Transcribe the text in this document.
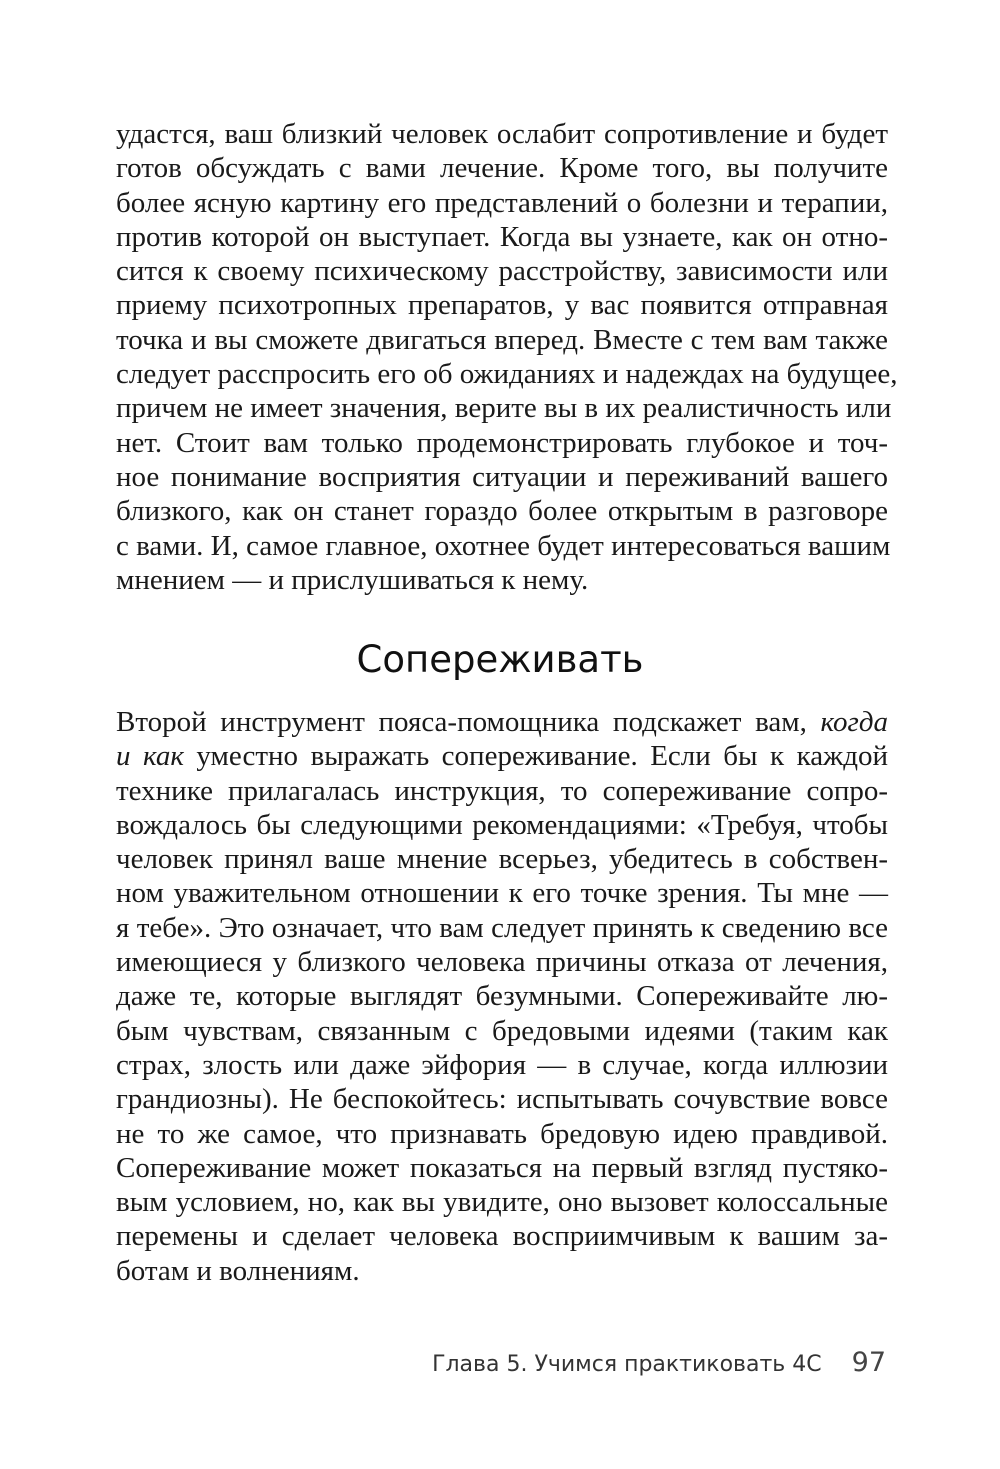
удастся, ваш близкий человек ослабит сопротивление и будет
готов обсуждать с вами лечение. Кроме того, вы получите
более ясную картину его представлений о болезни и терапии,
против которой он выступает. Когда вы узнаете, как он отно-
сится к своему психическому расстройству, зависимости или
приему психотропных препаратов, у вас появится отправная
точка и вы сможете двигаться вперед. Вместе с тем вам также
следует расспросить его об ожиданиях и надеждах на будущее,
причем не имеет значения, верите вы в их реалистичность или
нет. Стоит вам только продемонстрировать глубокое и точ-
ное понимание восприятия ситуации и переживаний вашего
близкого, как он станет гораздо более открытым в разговоре
с вами. И, самое главное, охотнее будет интересоваться вашим
мнением — и прислушиваться к нему.
Сопереживать
Второй инструмент пояса-помощника подскажет вам, когда
и как уместно выражать сопереживание. Если бы к каждой
технике прилагалась инструкция, то сопереживание сопро-
вождалось бы следующими рекомендациями: «Требуя, чтобы
человек принял ваше мнение всерьез, убедитесь в собствен-
ном уважительном отношении к его точке зрения. Ты мне —
я тебе». Это означает, что вам следует принять к сведению все
имеющиеся у близкого человека причины отказа от лечения,
даже те, которые выглядят безумными. Сопереживайте лю-
бым чувствам, связанным с бредовыми идеями (таким как
страх, злость или даже эйфория — в случае, когда иллюзии
грандиозны). Не беспокойтесь: испытывать сочувствие вовсе
не то же самое, что признавать бредовую идею правдивой.
Сопереживание может показаться на первый взгляд пустяко-
вым условием, но, как вы увидите, оно вызовет колоссальные
перемены и сделает человека восприимчивым к вашим за-
ботам и волнениям.
Глава 5. Учимся практиковать 4С 97
